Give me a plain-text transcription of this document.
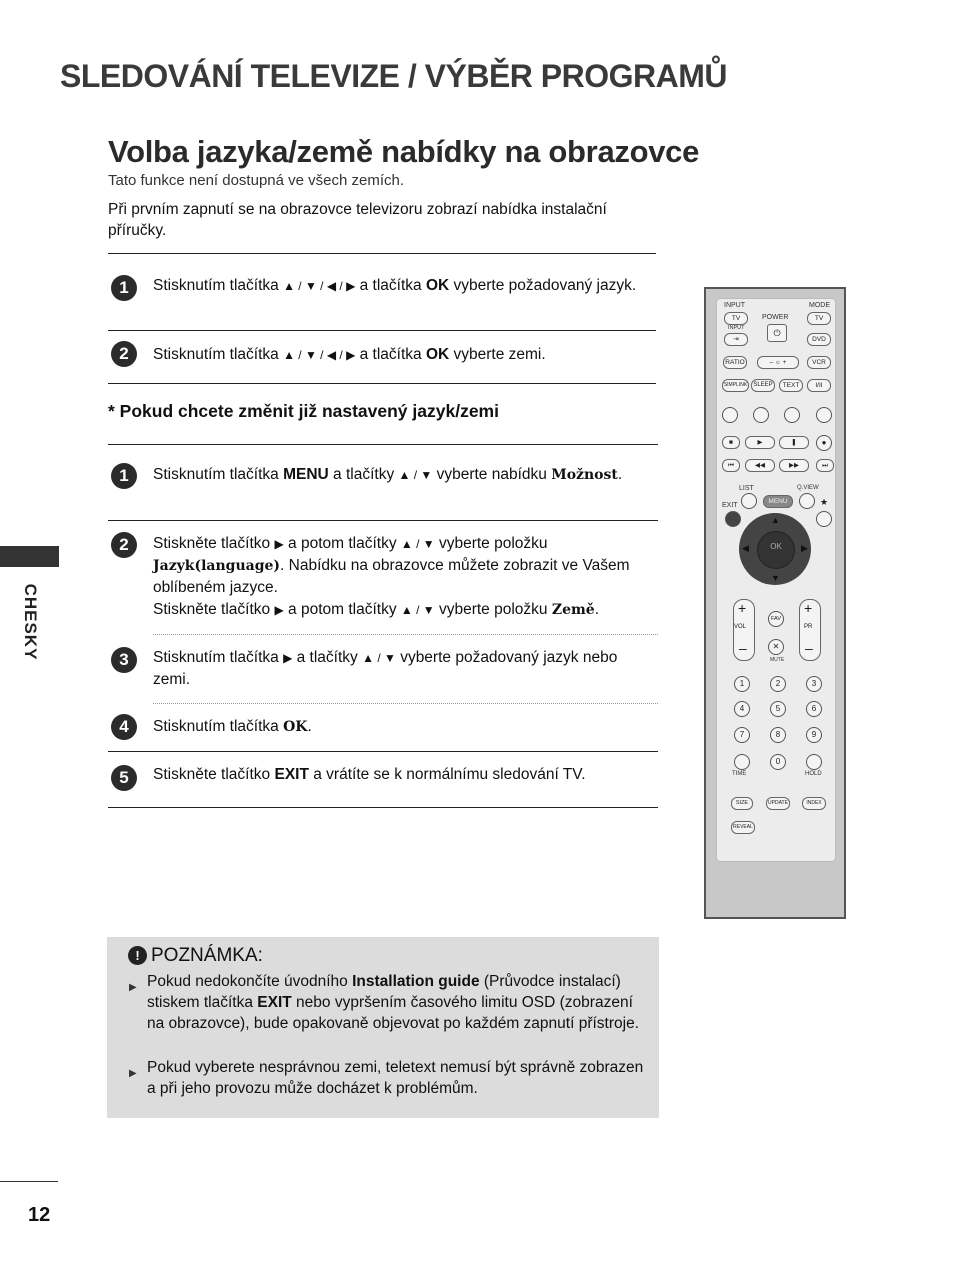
SLEDOVÁNÍ TELEVIZE / VÝBĚR PROGRAMŮ
Volba jazyka/země nabídky na obrazovce
Tato funkce není dostupná ve všech zemích.
Při prvním zapnutí se na obrazovce televizoru zobrazí nabídka instalační příručky.
CHESKY
1	Stisknutím tlačítka ▲ / ▼ / ◀ / ▶ a tlačítka OK vyberte požadovaný jazyk.
2	Stisknutím tlačítka ▲ / ▼ / ◀ / ▶ a tlačítka OK vyberte zemi.
* Pokud chcete změnit již nastavený jazyk/zemi
1	Stisknutím tlačítka MENU a tlačítky ▲ / ▼ vyberte nabídku Možnost.
2	Stiskněte tlačítko ▶ a potom tlačítky ▲ / ▼ vyberte položku Jazyk(language). Nabídku na obrazovce můžete zobrazit ve Vašem oblíbeném jazyce.
Stiskněte tlačítko ▶ a potom tlačítky ▲ / ▼ vyberte položku Země.
3	Stisknutím tlačítka ▶ a tlačítky ▲ / ▼ vyberte požadovaný jazyk nebo zemi.
4	Stisknutím tlačítka OK.
5	Stiskněte tlačítko EXIT a vrátíte se k normálnímu sledování TV.
INPUT	MODE
TV	POWER	TV
⏻
INPUT
⇥	DVD
RATIO	– ☼ +	VCR
SIMPLINK	SLEEP	TEXT	I/II
■	▶	❚	●
⏮	◀◀	▶▶	⏭
LIST	Q.VIEW
MENU
EXIT	★
OK
▲
▼
◀	▶
+
VOL
–
+
PR
–
FAV
✕
MUTE
1	2	3
4	5	6
7	8	9
0
TIME	HOLD
SIZE	UPDATE	INDEX
REVEAL
! POZNÁMKA:
▶ Pokud nedokončíte úvodního Installation guide (Průvodce instalací) stiskem tlačítka EXIT nebo vypršením časového limitu OSD (zobrazení na obrazovce), bude opakovaně objevovat po každém zapnutí přístroje.
▶ Pokud vyberete nesprávnou zemi, teletext nemusí být správně zobrazen a při jeho provozu může docházet k problémům.
12
